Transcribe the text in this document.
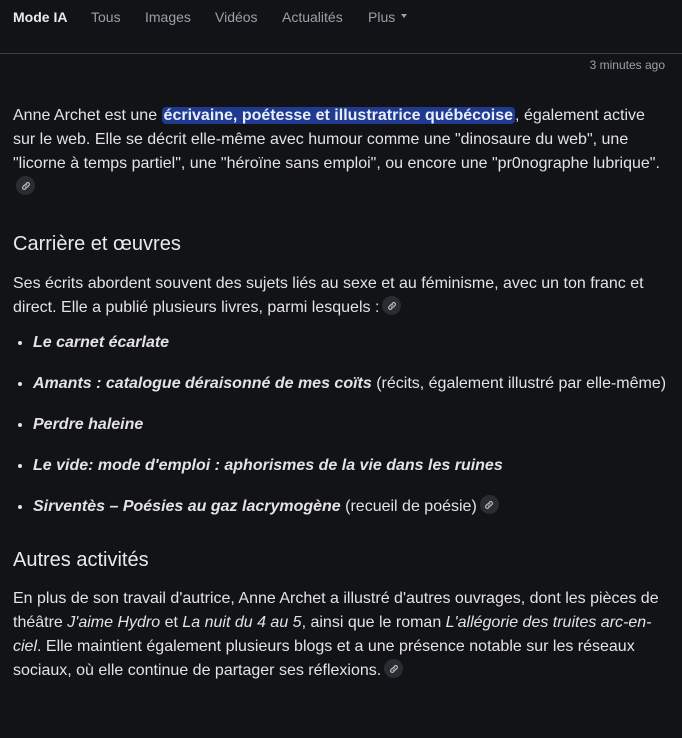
Mode IA Tous Images Vidéos Actualités Plus
3 minutes ago

Anne Archet est une écrivaine, poétesse et illustratrice québécoise , également active sur le web. Elle se décrit elle-même avec humour comme une "dinosaure du web", une "licorne à temps partiel", une "héroïne sans emploi", ou encore une "pr0nographe lubrique".

Carrière et œuvres

Ses écrits abordent souvent des sujets liés au sexe et au féminisme, avec un ton franc et direct. Elle a publié plusieurs livres, parmi lesquels :

• Le carnet écarlate
• Amants : catalogue déraisonné de mes coïts (récits, également illustré par elle-même)
• Perdre haleine
• Le vide: mode d'emploi : aphorismes de la vie dans les ruines
• Sirventès – Poésies au gaz lacrymogène (recueil de poésie)
Autres activités

En plus de son travail d'autrice, Anne Archet a illustré d'autres ouvrages, dont les pièces de théâtre J'aime Hydro et La nuit du 4 au 5, ainsi que le roman L'allégorie des truites arc-en-ciel. Elle maintient également plusieurs blogs et a une présence notable sur les réseaux sociaux, où elle continue de partager ses réflexions.
